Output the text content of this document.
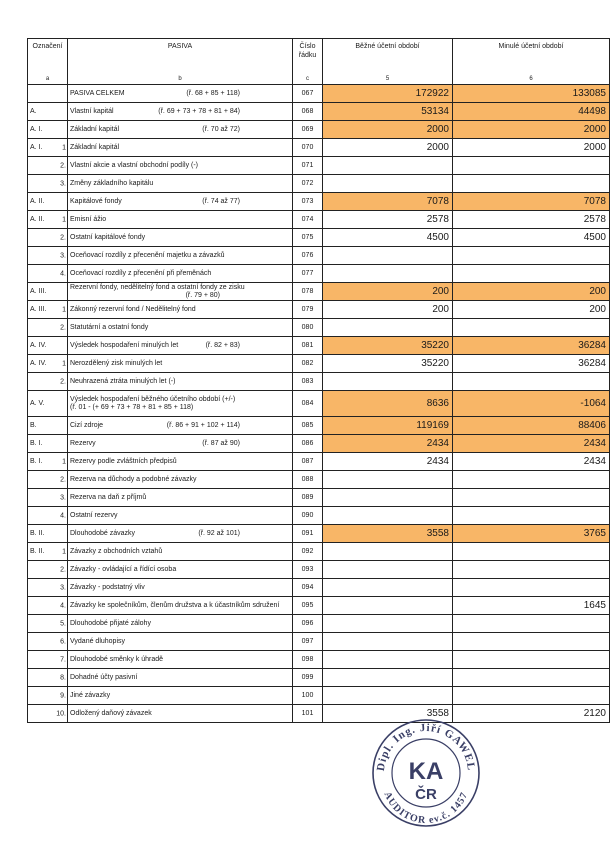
Označení	PASIVA	Číslo řádku	Běžné účetní období	Minulé účetní období
a	b	c	5	6

	PASIVA CELKEM (ř. 68 + 85 + 118)	067	172922	133085
A.	Vlastní kapitál (ř. 69 + 73 + 78 + 81 + 84)	068	53134	44498
A. I.	Základní kapitál (ř. 70 až 72)	069	2000	2000
A. I. 1	Základní kapitál	070	2000	2000

2.	Vlastní akcie a vlastní obchodní podíly (-)	071		

3.	Změny základního kapitálu	072		
A. II.	Kapitálové fondy (ř. 74 až 77)	073	7078	7078
A. II. 1	Emisní ážio	074	2578	2578

2.	Ostatní kapitálové fondy	075	4500	4500

3.	Oceňovací rozdíly z přecenění majetku a závazků	076		

4.	Oceňovací rozdíly z přecenění při přeměnách	077		
A. III.	Rezervní fondy, nedělitelný fond a ostatní fondy ze zisku
(ř. 79 + 80)	078	200	200
A. III. 1	Zákonný rezervní fond / Nedělitelný fond	079	200	200

2.	Statutární a ostatní fondy	080		
A. IV.	Výsledek hospodaření minulých let (ř. 82 + 83)	081	35220	36284
A. IV. 1	Nerozdělený zisk minulých let	082	35220	36284

2.	Neuhrazená ztráta minulých let (-)	083		
A. V.	Výsledek hospodaření běžného účetního období (+/-)
(ř. 01 - (+ 69 + 73 + 78 + 81 + 85 + 118)	084	8636	-1064
B.	Cizí zdroje (ř. 86 + 91 + 102 + 114)	085	119169	88406
B. I.	Rezervy (ř. 87 až 90)	086	2434	2434
B. I. 1	Rezervy podle zvláštních předpisů	087	2434	2434

2.	Rezerva na důchody a podobné závazky	088		

3.	Rezerva na daň z příjmů	089		

4.	Ostatní rezervy	090		
B. II.	Dlouhodobé závazky (ř. 92 až 101)	091	3558	3765
B. II. 1	Závazky z obchodních vztahů	092		

2.	Závazky - ovládající a řídící osoba	093		

3.	Závazky - podstatný vliv	094		

4.	Závazky ke společníkům, členům družstva a k účastníkům sdružení	095		1645

5.	Dlouhodobé přijaté zálohy	096		

6.	Vydané dluhopisy	097		

7.	Dlouhodobé směnky k úhradě	098		

8.	Dohadné účty pasivní	099		

9.	Jiné závazky	100		

10.	Odložený daňový závazek	101	3558	2120
Dipl. Ing. Jiří GAWEL
AUDITOR ev.č. 1457
KA
ČR
